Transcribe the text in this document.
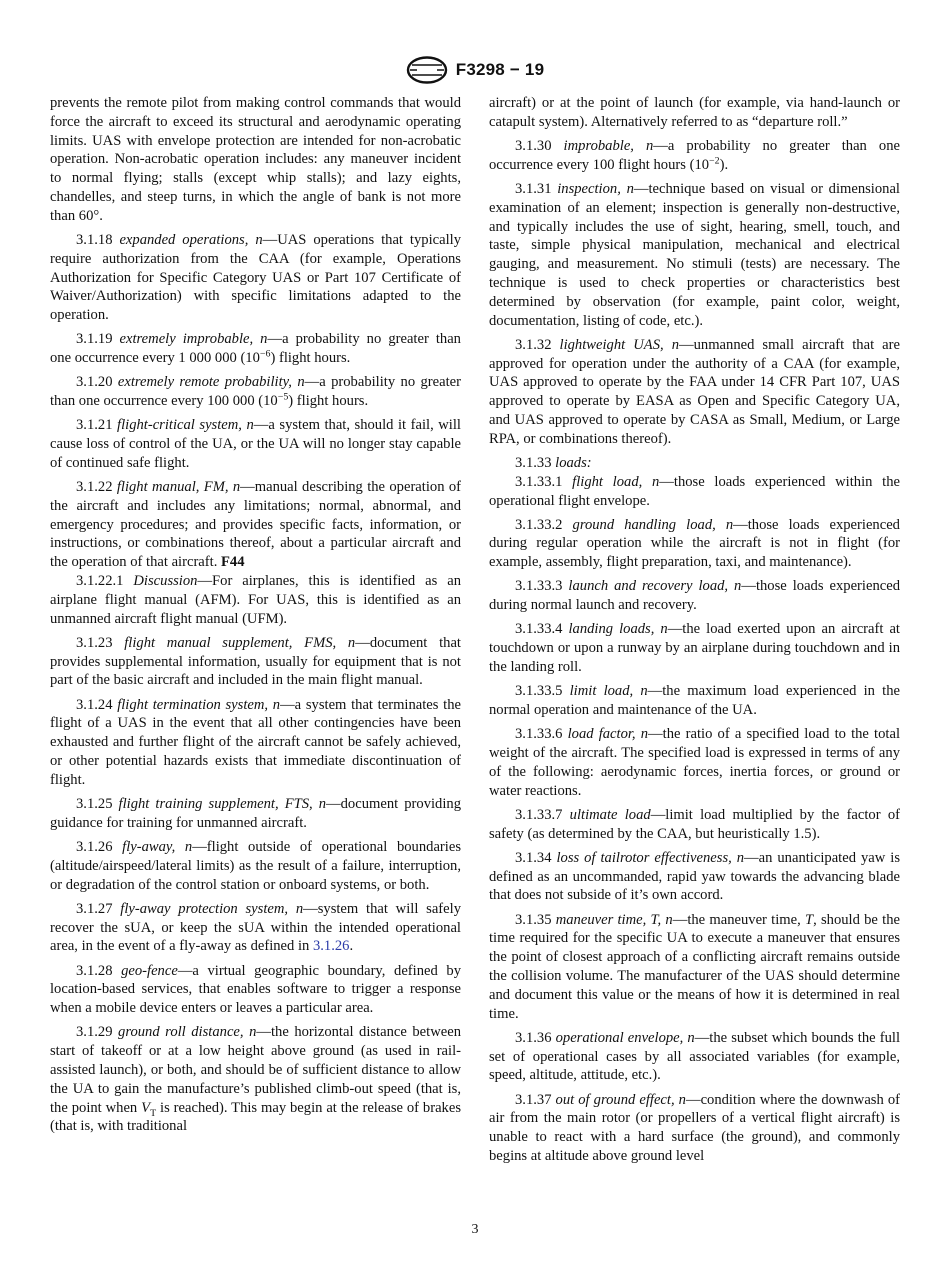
F3298 − 19

prevents the remote pilot from making control commands that would force the aircraft to exceed its structural and aerodynamic operating limits. UAS with envelope protection are intended for non-acrobatic operation. Non-acrobatic operation includes: any maneuver incident to normal flying; stalls (except whip stalls); and lazy eights, chandelles, and steep turns, in which the angle of bank is not more than 60°.

3.1.18 expanded operations, n—UAS operations that typically require authorization from the CAA (for example, Operations Authorization for Specific Category UAS or Part 107 Certificate of Waiver/Authorization) with specific limitations adapted to the operation.

3.1.19 extremely improbable, n—a probability no greater than one occurrence every 1 000 000 $(10^{-6})$ flight hours.

3.1.20 extremely remote probability, n—a probability no greater than one occurrence every 100 000 $(10^{-5})$ flight hours.

3.1.21 flight-critical system, n—a system that, should it fail, will cause loss of control of the UA, or the UA will no longer stay capable of continued safe flight.

3.1.22 flight manual, FM, n—manual describing the operation of the aircraft and includes any limitations; normal, abnormal, and emergency procedures; and provides specific facts, information, or instructions, or combinations thereof, about a particular aircraft and the operation of that aircraft. F44

3.1.22.1 Discussion—For airplanes, this is identified as an airplane flight manual (AFM). For UAS, this is identified as an unmanned aircraft flight manual (UFM).

3.1.23 flight manual supplement, FMS, n—document that provides supplemental information, usually for equipment that is not part of the basic aircraft and included in the main flight manual.

3.1.24 flight termination system, n—a system that terminates the flight of a UAS in the event that all other contingencies have been exhausted and further flight of the aircraft cannot be safely achieved, or other potential hazards exists that immediate discontinuation of flight.

3.1.25 flight training supplement, FTS, n—document providing guidance for training for unmanned aircraft.

3.1.26 fly-away, n—flight outside of operational boundaries (altitude/airspeed/lateral limits) as the result of a failure, interruption, or degradation of the control station or onboard systems, or both.

3.1.27 fly-away protection system, n—system that will safely recover the sUA, or keep the sUA within the intended operational area, in the event of a fly-away as defined in 3.1.26.

3.1.28 geo-fence—a virtual geographic boundary, defined by location-based services, that enables software to trigger a response when a mobile device enters or leaves a particular area.

3.1.29 ground roll distance, n—the horizontal distance between start of takeoff or at a low height above ground (as used in rail-assisted launch), or both, and should be of sufficient distance to allow the UA to gain the manufacture’s published climb-out speed (that is, the point when $V_T$ is reached). This may begin at the release of brakes (that is, with traditional

aircraft) or at the point of launch (for example, via hand-launch or catapult system). Alternatively referred to as “departure roll.”

3.1.30 improbable, n—a probability no greater than one occurrence every 100 flight hours $(10^{-2})$.

3.1.31 inspection, n—technique based on visual or dimensional examination of an element; inspection is generally non-destructive, and typically includes the use of sight, hearing, smell, touch, and taste, simple physical manipulation, mechanical and electrical gauging, and measurement. No stimuli (tests) are necessary. The technique is used to check properties or characteristics best determined by observation (for example, paint color, weight, documentation, listing of code, etc.).

3.1.32 lightweight UAS, n—unmanned small aircraft that are approved for operation under the authority of a CAA (for example, UAS approved to operate by the FAA under 14 CFR Part 107, UAS approved to operate by EASA as Open and Specific Category UA, and UAS approved to operate by CASA as Small, Medium, or Large RPA, or combinations thereof).

3.1.33 loads:

3.1.33.1 flight load, n—those loads experienced within the operational flight envelope.

3.1.33.2 ground handling load, n—those loads experienced during regular operation while the aircraft is not in flight (for example, assembly, flight preparation, taxi, and maintenance).

3.1.33.3 launch and recovery load, n—those loads experienced during normal launch and recovery.

3.1.33.4 landing loads, n—the load exerted upon an aircraft at touchdown or upon a runway by an airplane during touchdown and in the landing roll.

3.1.33.5 limit load, n—the maximum load experienced in the normal operation and maintenance of the UA.

3.1.33.6 load factor, n—the ratio of a specified load to the total weight of the aircraft. The specified load is expressed in terms of any of the following: aerodynamic forces, inertia forces, or ground or water reactions.

3.1.33.7 ultimate load—limit load multiplied by the factor of safety (as determined by the CAA, but heuristically 1.5).

3.1.34 loss of tailrotor effectiveness, n—an unanticipated yaw is defined as an uncommanded, rapid yaw towards the advancing blade that does not subside of it’s own accord.

3.1.35 maneuver time, T, n—the maneuver time, T, should be the time required for the specific UA to execute a maneuver that ensures the point of closest approach of a conflicting aircraft remains outside the collision volume. The manufacturer of the UAS should determine and document this value or the means of how it is determined in real time.

3.1.36 operational envelope, n—the subset which bounds the full set of operational cases by all associated variables (for example, speed, altitude, attitude, etc.).

3.1.37 out of ground effect, n—condition where the downwash of air from the main rotor (or propellers of a vertical flight aircraft) is unable to react with a hard surface (the ground), and commonly begins at altitude above ground level

3
